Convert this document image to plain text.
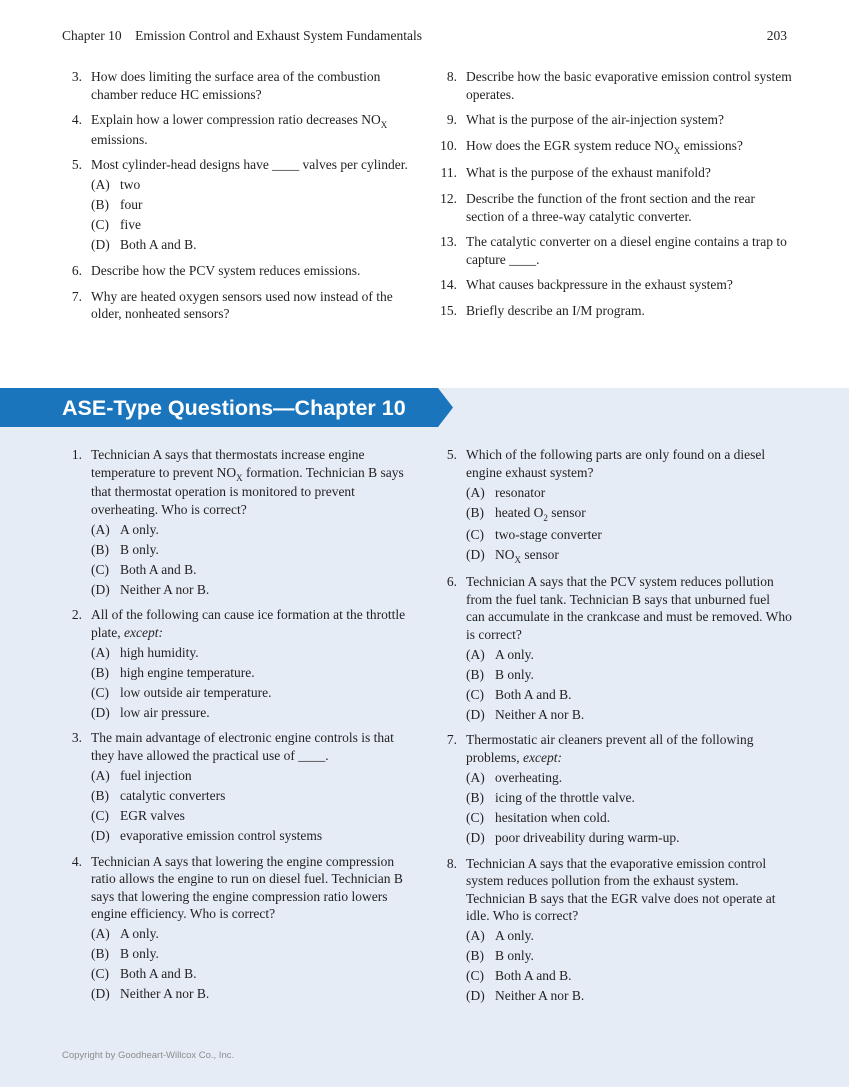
Chapter 10 Emission Control and Exhaust System Fundamentals	203
3. How does limiting the surface area of the combustion chamber reduce HC emissions?
4. Explain how a lower compression ratio decreases $NO_X$ emissions.
5. Most cylinder-head designs have ____ valves per cylinder.
(A) two
(B) four
(C) five
(D) Both A and B.
6. Describe how the PCV system reduces emissions.
7. Why are heated oxygen sensors used now instead of the older, nonheated sensors?
8. Describe how the basic evaporative emission control system operates.
9. What is the purpose of the air-injection system?
10. How does the EGR system reduce $NO_X$ emissions?
11. What is the purpose of the exhaust manifold?
12. Describe the function of the front section and the rear section of a three-way catalytic converter.
13. The catalytic converter on a diesel engine contains a trap to capture ____.
14. What causes backpressure in the exhaust system?
15. Briefly describe an I/M program.
ASE-Type Questions—Chapter 10
1. Technician A says that thermostats increase engine temperature to prevent $NO_X$ formation. Technician B says that thermostat operation is monitored to prevent overheating. Who is correct?
(A) A only.
(B) B only.
(C) Both A and B.
(D) Neither A nor B.
2. All of the following can cause ice formation at the throttle plate, except:
(A) high humidity.
(B) high engine temperature.
(C) low outside air temperature.
(D) low air pressure.
3. The main advantage of electronic engine controls is that they have allowed the practical use of ____.
(A) fuel injection
(B) catalytic converters
(C) EGR valves
(D) evaporative emission control systems
4. Technician A says that lowering the engine compression ratio allows the engine to run on diesel fuel. Technician B says that lowering the engine compression ratio lowers engine efficiency. Who is correct?
(A) A only.
(B) B only.
(C) Both A and B.
(D) Neither A nor B.
5. Which of the following parts are only found on a diesel engine exhaust system?
(A) resonator
(B) heated $O_2$ sensor
(C) two-stage converter
(D) $NO_X$ sensor
6. Technician A says that the PCV system reduces pollution from the fuel tank. Technician B says that unburned fuel can accumulate in the crankcase and must be removed. Who is correct?
(A) A only.
(B) B only.
(C) Both A and B.
(D) Neither A nor B.
7. Thermostatic air cleaners prevent all of the following problems, except:
(A) overheating.
(B) icing of the throttle valve.
(C) hesitation when cold.
(D) poor driveability during warm-up.
8. Technician A says that the evaporative emission control system reduces pollution from the exhaust system. Technician B says that the EGR valve does not operate at idle. Who is correct?
(A) A only.
(B) B only.
(C) Both A and B.
(D) Neither A nor B.
Copyright by Goodheart-Willcox Co., Inc.
